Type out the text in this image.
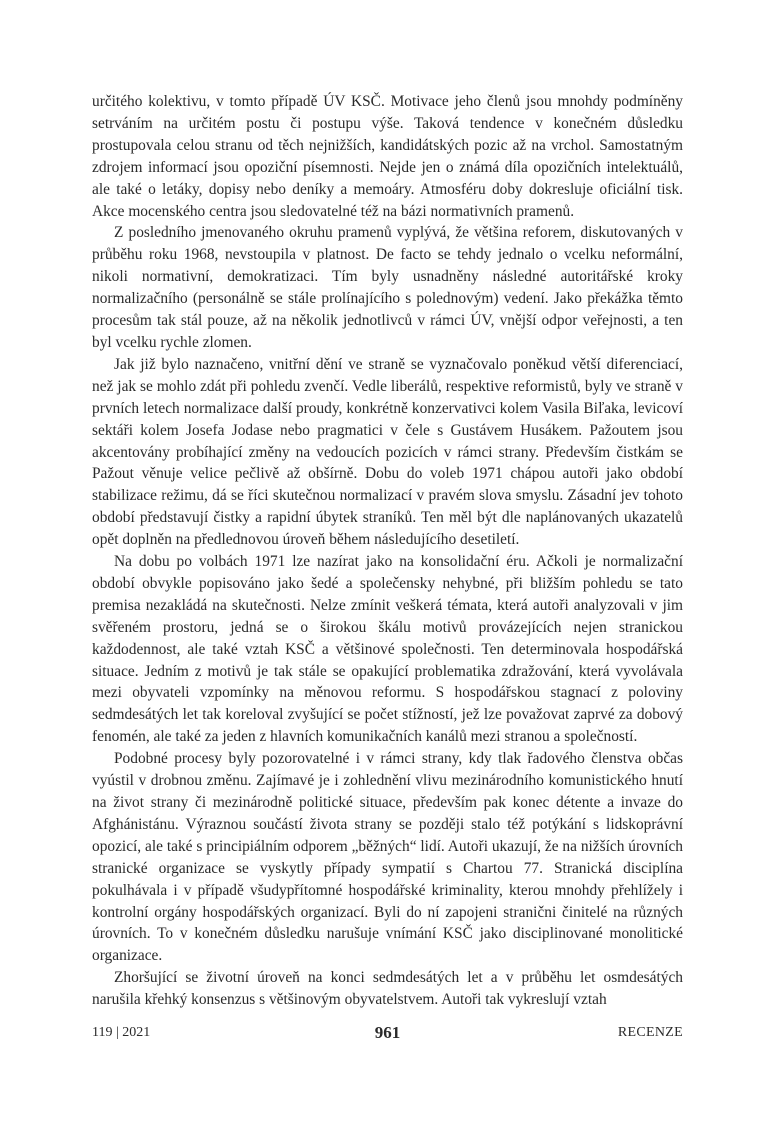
určitého kolektivu, v tomto případě ÚV KSČ. Motivace jeho členů jsou mnohdy podmíněny setrváním na určitém postu či postupu výše. Taková tendence v konečném důsledku prostupovala celou stranu od těch nejnižších, kandidátských pozic až na vrchol. Samostatným zdrojem informací jsou opoziční písemnosti. Nejde jen o známá díla opozičních intelektuálů, ale také o letáky, dopisy nebo deníky a memoáry. Atmosféru doby dokresluje oficiální tisk. Akce mocenského centra jsou sledovatelné též na bázi normativních pramenů.

Z posledního jmenovaného okruhu pramenů vyplývá, že většina reforem, diskutovaných v průběhu roku 1968, nevstoupila v platnost. De facto se tehdy jednalo o vcelku neformální, nikoli normativní, demokratizaci. Tím byly usnadněny následné autoritářské kroky normalizačního (personálně se stále prolínajícího s polednovým) vedení. Jako překážka těmto procesům tak stál pouze, až na několik jednotlivců v rámci ÚV, vnější odpor veřejnosti, a ten byl vcelku rychle zlomen.

Jak již bylo naznačeno, vnitřní dění ve straně se vyznačovalo poněkud větší diferenciací, než jak se mohlo zdát při pohledu zvenčí. Vedle liberálů, respektive reformistů, byly ve straně v prvních letech normalizace další proudy, konkrétně konzervativci kolem Vasila Biľaka, levicoví sektáři kolem Josefa Jodase nebo pragmatici v čele s Gustávem Husákem. Pažoutem jsou akcentovány probíhající změny na vedoucích pozicích v rámci strany. Především čistkám se Pažout věnuje velice pečlivě až obšírně. Dobu do voleb 1971 chápou autoři jako období stabilizace režimu, dá se říci skutečnou normalizací v pravém slova smyslu. Zásadní jev tohoto období představují čistky a rapidní úbytek straníků. Ten měl být dle naplánovaných ukazatelů opět doplněn na předlednovou úroveň během následujícího desetiletí.

Na dobu po volbách 1971 lze nazírat jako na konsolidační éru. Ačkoli je normalizační období obvykle popisováno jako šedé a společensky nehybné, při bližším pohledu se tato premisa nezakládá na skutečnosti. Nelze zmínit veškerá témata, která autoři analyzovali v jim svěřeném prostoru, jedná se o širokou škálu motivů provázejících nejen stranickou každodennost, ale také vztah KSČ a většinové společnosti. Ten determinovala hospodářská situace. Jedním z motivů je tak stále se opakující problematika zdražování, která vyvolávala mezi obyvateli vzpomínky na měnovou reformu. S hospodářskou stagnací z poloviny sedmdesátých let tak koreloval zvyšující se počet stížností, jež lze považovat zaprvé za dobový fenomén, ale také za jeden z hlavních komunikačních kanálů mezi stranou a společností.

Podobné procesy byly pozorovatelné i v rámci strany, kdy tlak řadového členstva občas vyústil v drobnou změnu. Zajímavé je i zohlednění vlivu mezinárodního komunistického hnutí na život strany či mezinárodně politické situace, především pak konec détente a invaze do Afghánistánu. Výraznou součástí života strany se později stalo též potýkání s lidskoprávní opozicí, ale také s principiálním odporem „běžných“ lidí. Autoři ukazují, že na nižších úrovních stranické organizace se vyskytly případy sympatií s Chartou 77. Stranická disciplína pokulhávala i v případě všudypřítomné hospodářské kriminality, kterou mnohdy přehlížely i kontrolní orgány hospodářských organizací. Byli do ní zapojeni stranični činitelé na různých úrovních. To v konečném důsledku narušuje vnímání KSČ jako disciplinované monolitické organizace.

Zhoršující se životní úroveň na konci sedmdesátých let a v průběhu let osmdesátých narušila křehký konsenzus s většinovým obyvatelstvem. Autoři tak vykreslují vztah

119 | 2021	961	RECENZE
